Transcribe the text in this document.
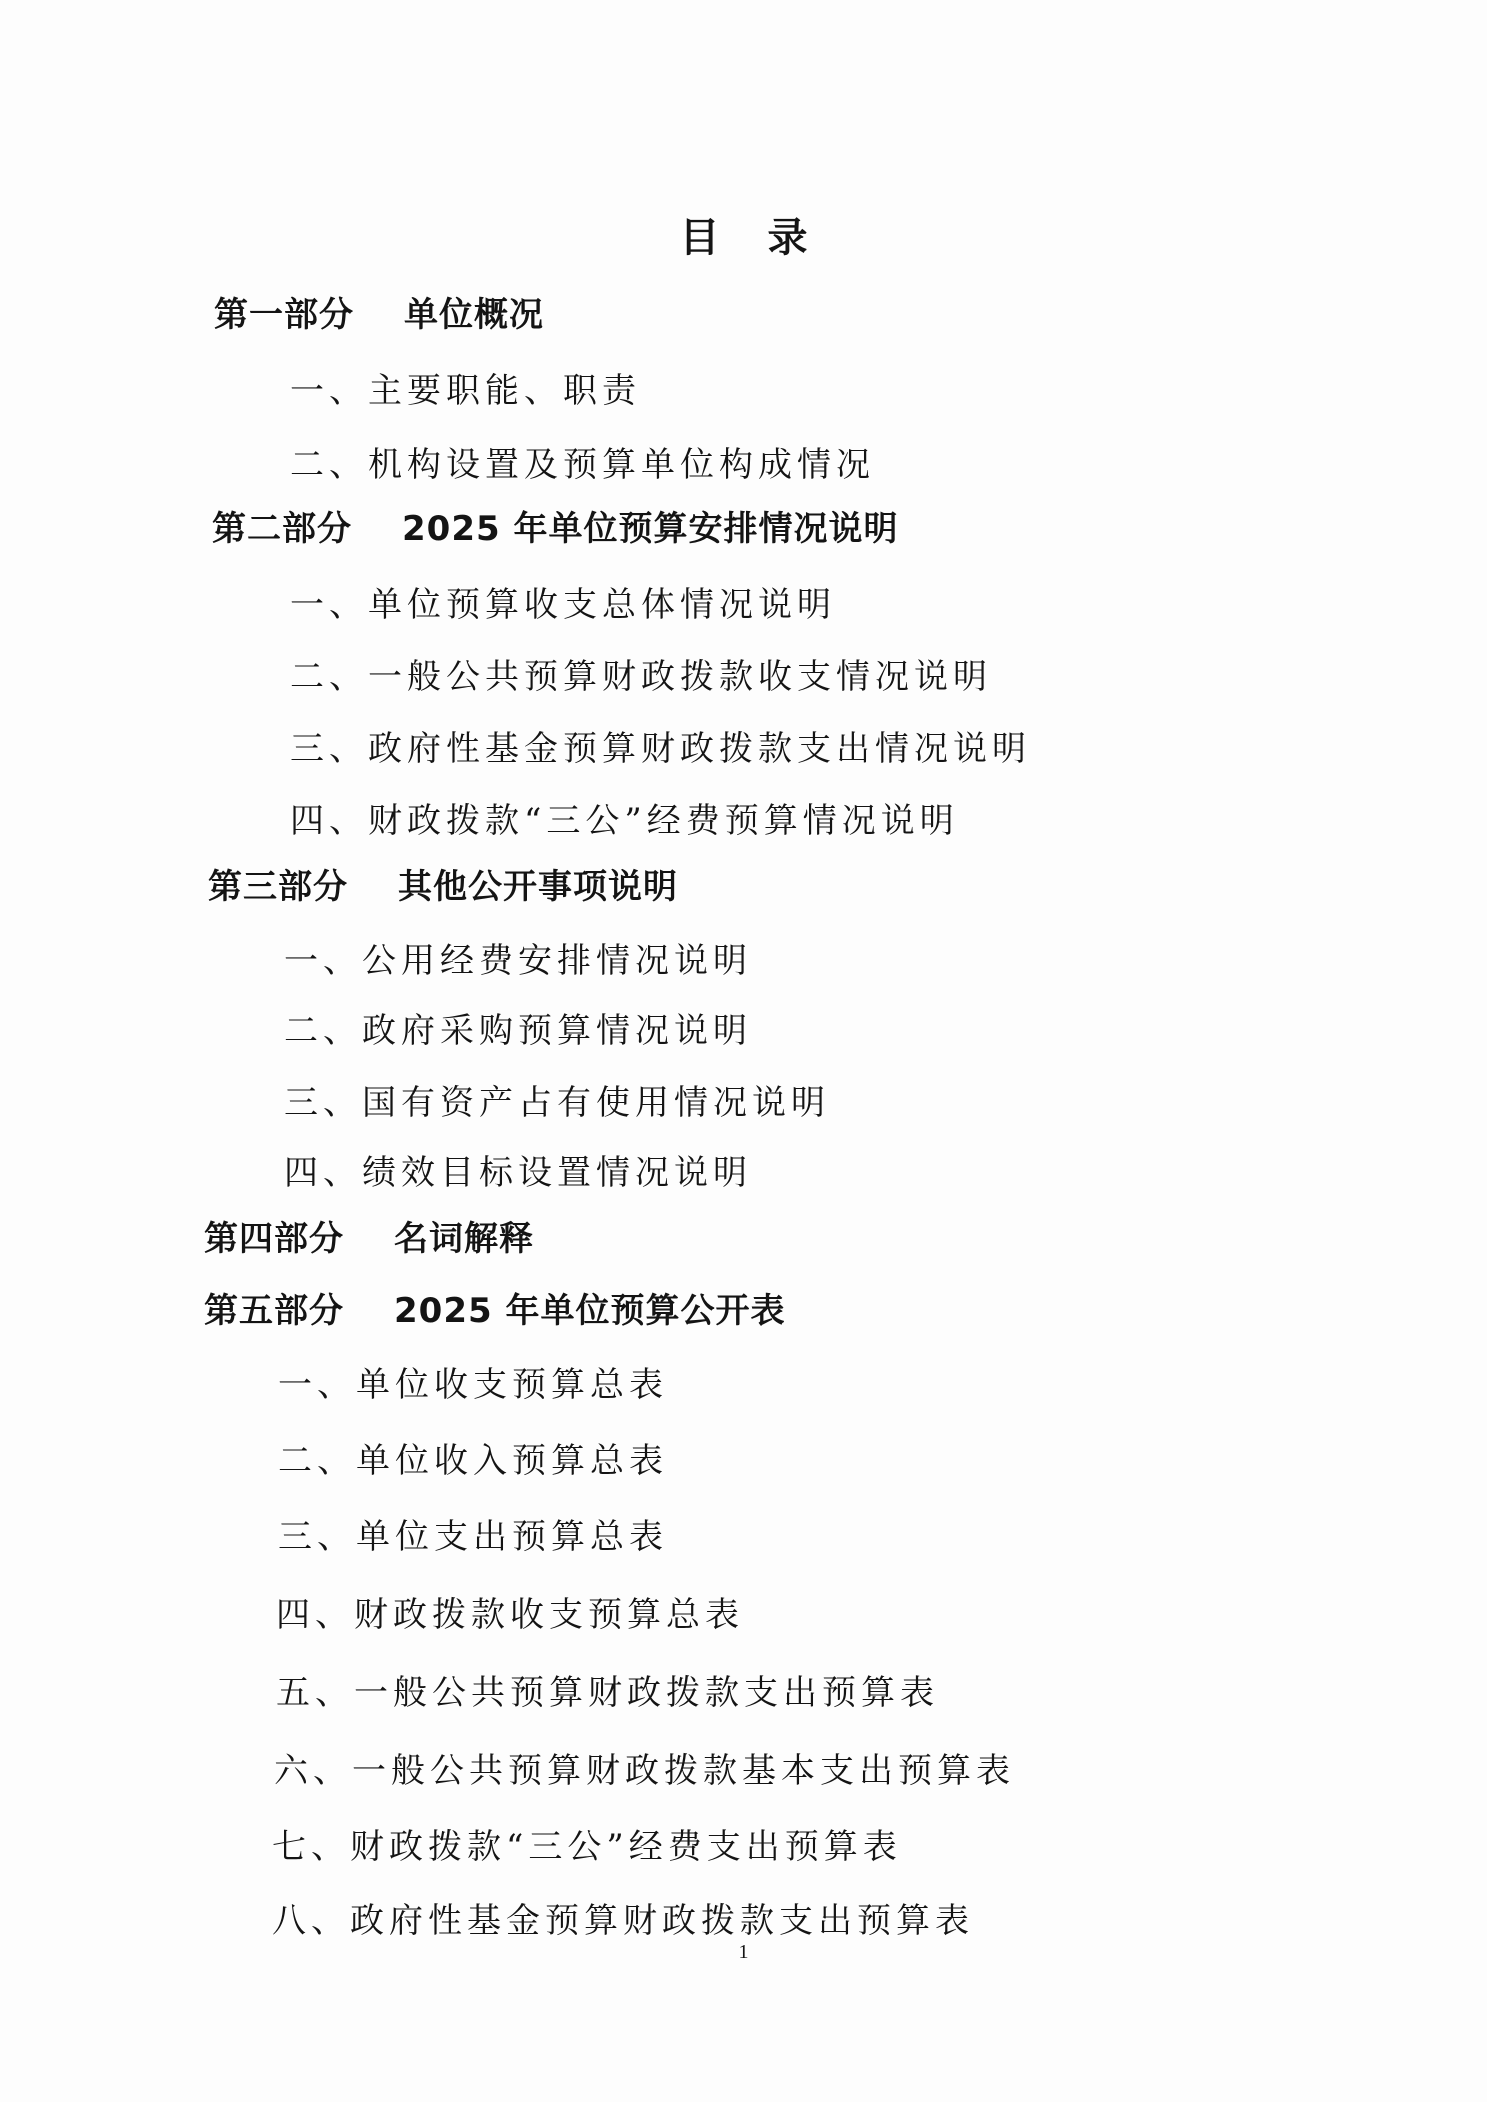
目录
第一部分 单位概况
一、主要职能、职责
二、机构设置及预算单位构成情况
第二部分 2025 年单位预算安排情况说明
一、单位预算收支总体情况说明
二、一般公共预算财政拨款收支情况说明
三、政府性基金预算财政拨款支出情况说明
四、财政拨款“三公”经费预算情况说明
第三部分 其他公开事项说明
一、公用经费安排情况说明
二、政府采购预算情况说明
三、国有资产占有使用情况说明
四、绩效目标设置情况说明
第四部分 名词解释
第五部分 2025 年单位预算公开表
一、单位收支预算总表
二、单位收入预算总表
三、单位支出预算总表
四、财政拨款收支预算总表
五、一般公共预算财政拨款支出预算表
六、一般公共预算财政拨款基本支出预算表
七、财政拨款“三公”经费支出预算表
八、政府性基金预算财政拨款支出预算表
1
